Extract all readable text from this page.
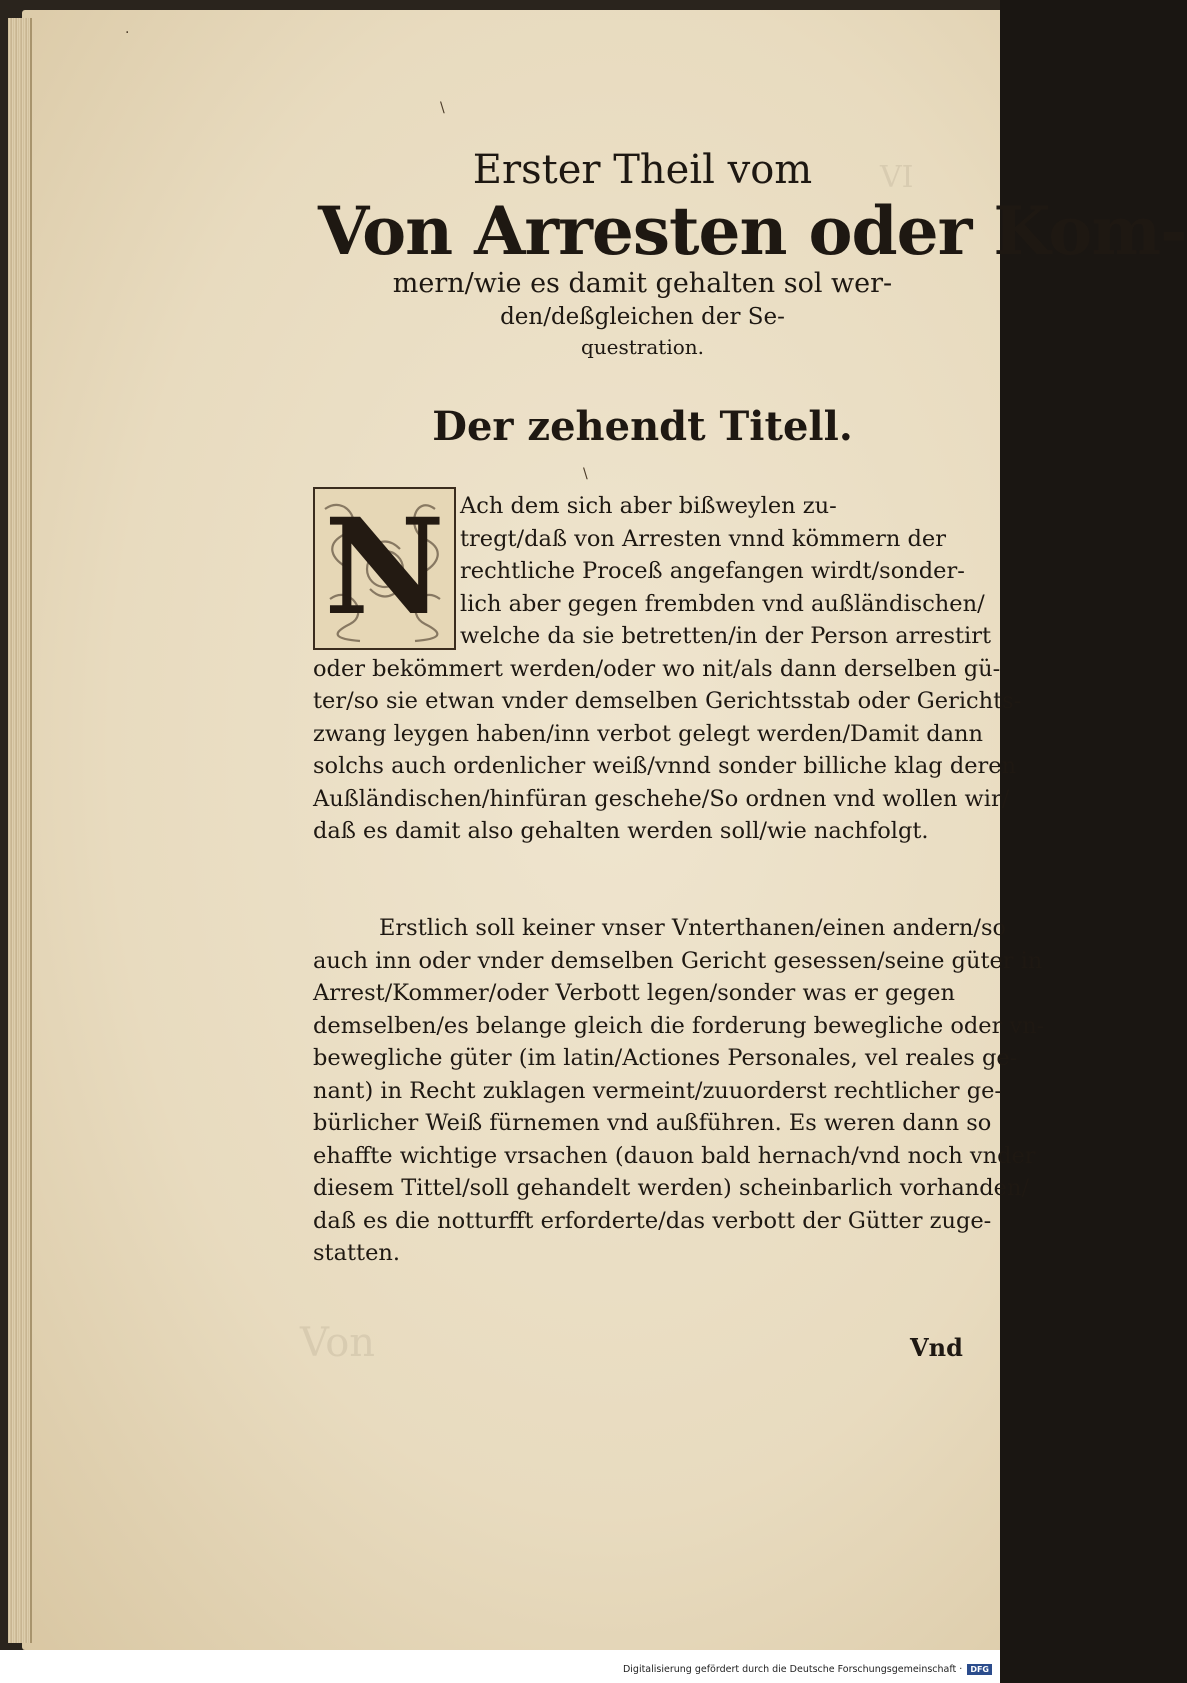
VI
Von
·
\
\
Erster Theil vom
Von Arresten oder Kom-
mern/wie es damit gehalten sol wer-
den/deßgleichen der Se-
questration.
Der zehendt Titell.
N Ach dem sich aber bißweylen zu-
tregt/daß von Arresten vnnd kömmern der
rechtliche Proceß angefangen wirdt/sonder-
lich aber gegen frembden vnd außländischen/
welche da sie betretten/in der Person arrestirt
oder bekömmert werden/oder wo nit/als dann derselben gü-
ter/so sie etwan vnder demselben Gerichtsstab oder Gerichts-
zwang leygen haben/inn verbot gelegt werden/Damit dann
solchs auch ordenlicher weiß/vnnd sonder billiche klag deren
Außländischen/hinfüran geschehe/So ordnen vnd wollen wir/
daß es damit also gehalten werden soll/wie nachfolgt.
Erstlich soll keiner vnser Vnterthanen/einen andern/so
auch inn oder vnder demselben Gericht gesessen/seine güter in
Arrest/Kommer/oder Verbott legen/sonder was er gegen
demselben/es belange gleich die forderung bewegliche oder vn-
bewegliche güter (im latin/Actiones Personales, vel reales ge-
nant) in Recht zuklagen vermeint/zuuorderst rechtlicher ge-
bürlicher Weiß fürnemen vnd außführen. Es weren dann so
ehaffte wichtige vrsachen (dauon bald hernach/vnd noch vnder
diesem Tittel/soll gehandelt werden) scheinbarlich vorhanden/
daß es die notturfft erforderte/das verbott der Gütter zuge-
statten.
Vnd
Digitalisierung gefördert durch die Deutsche Forschungsgemeinschaft · DFG
